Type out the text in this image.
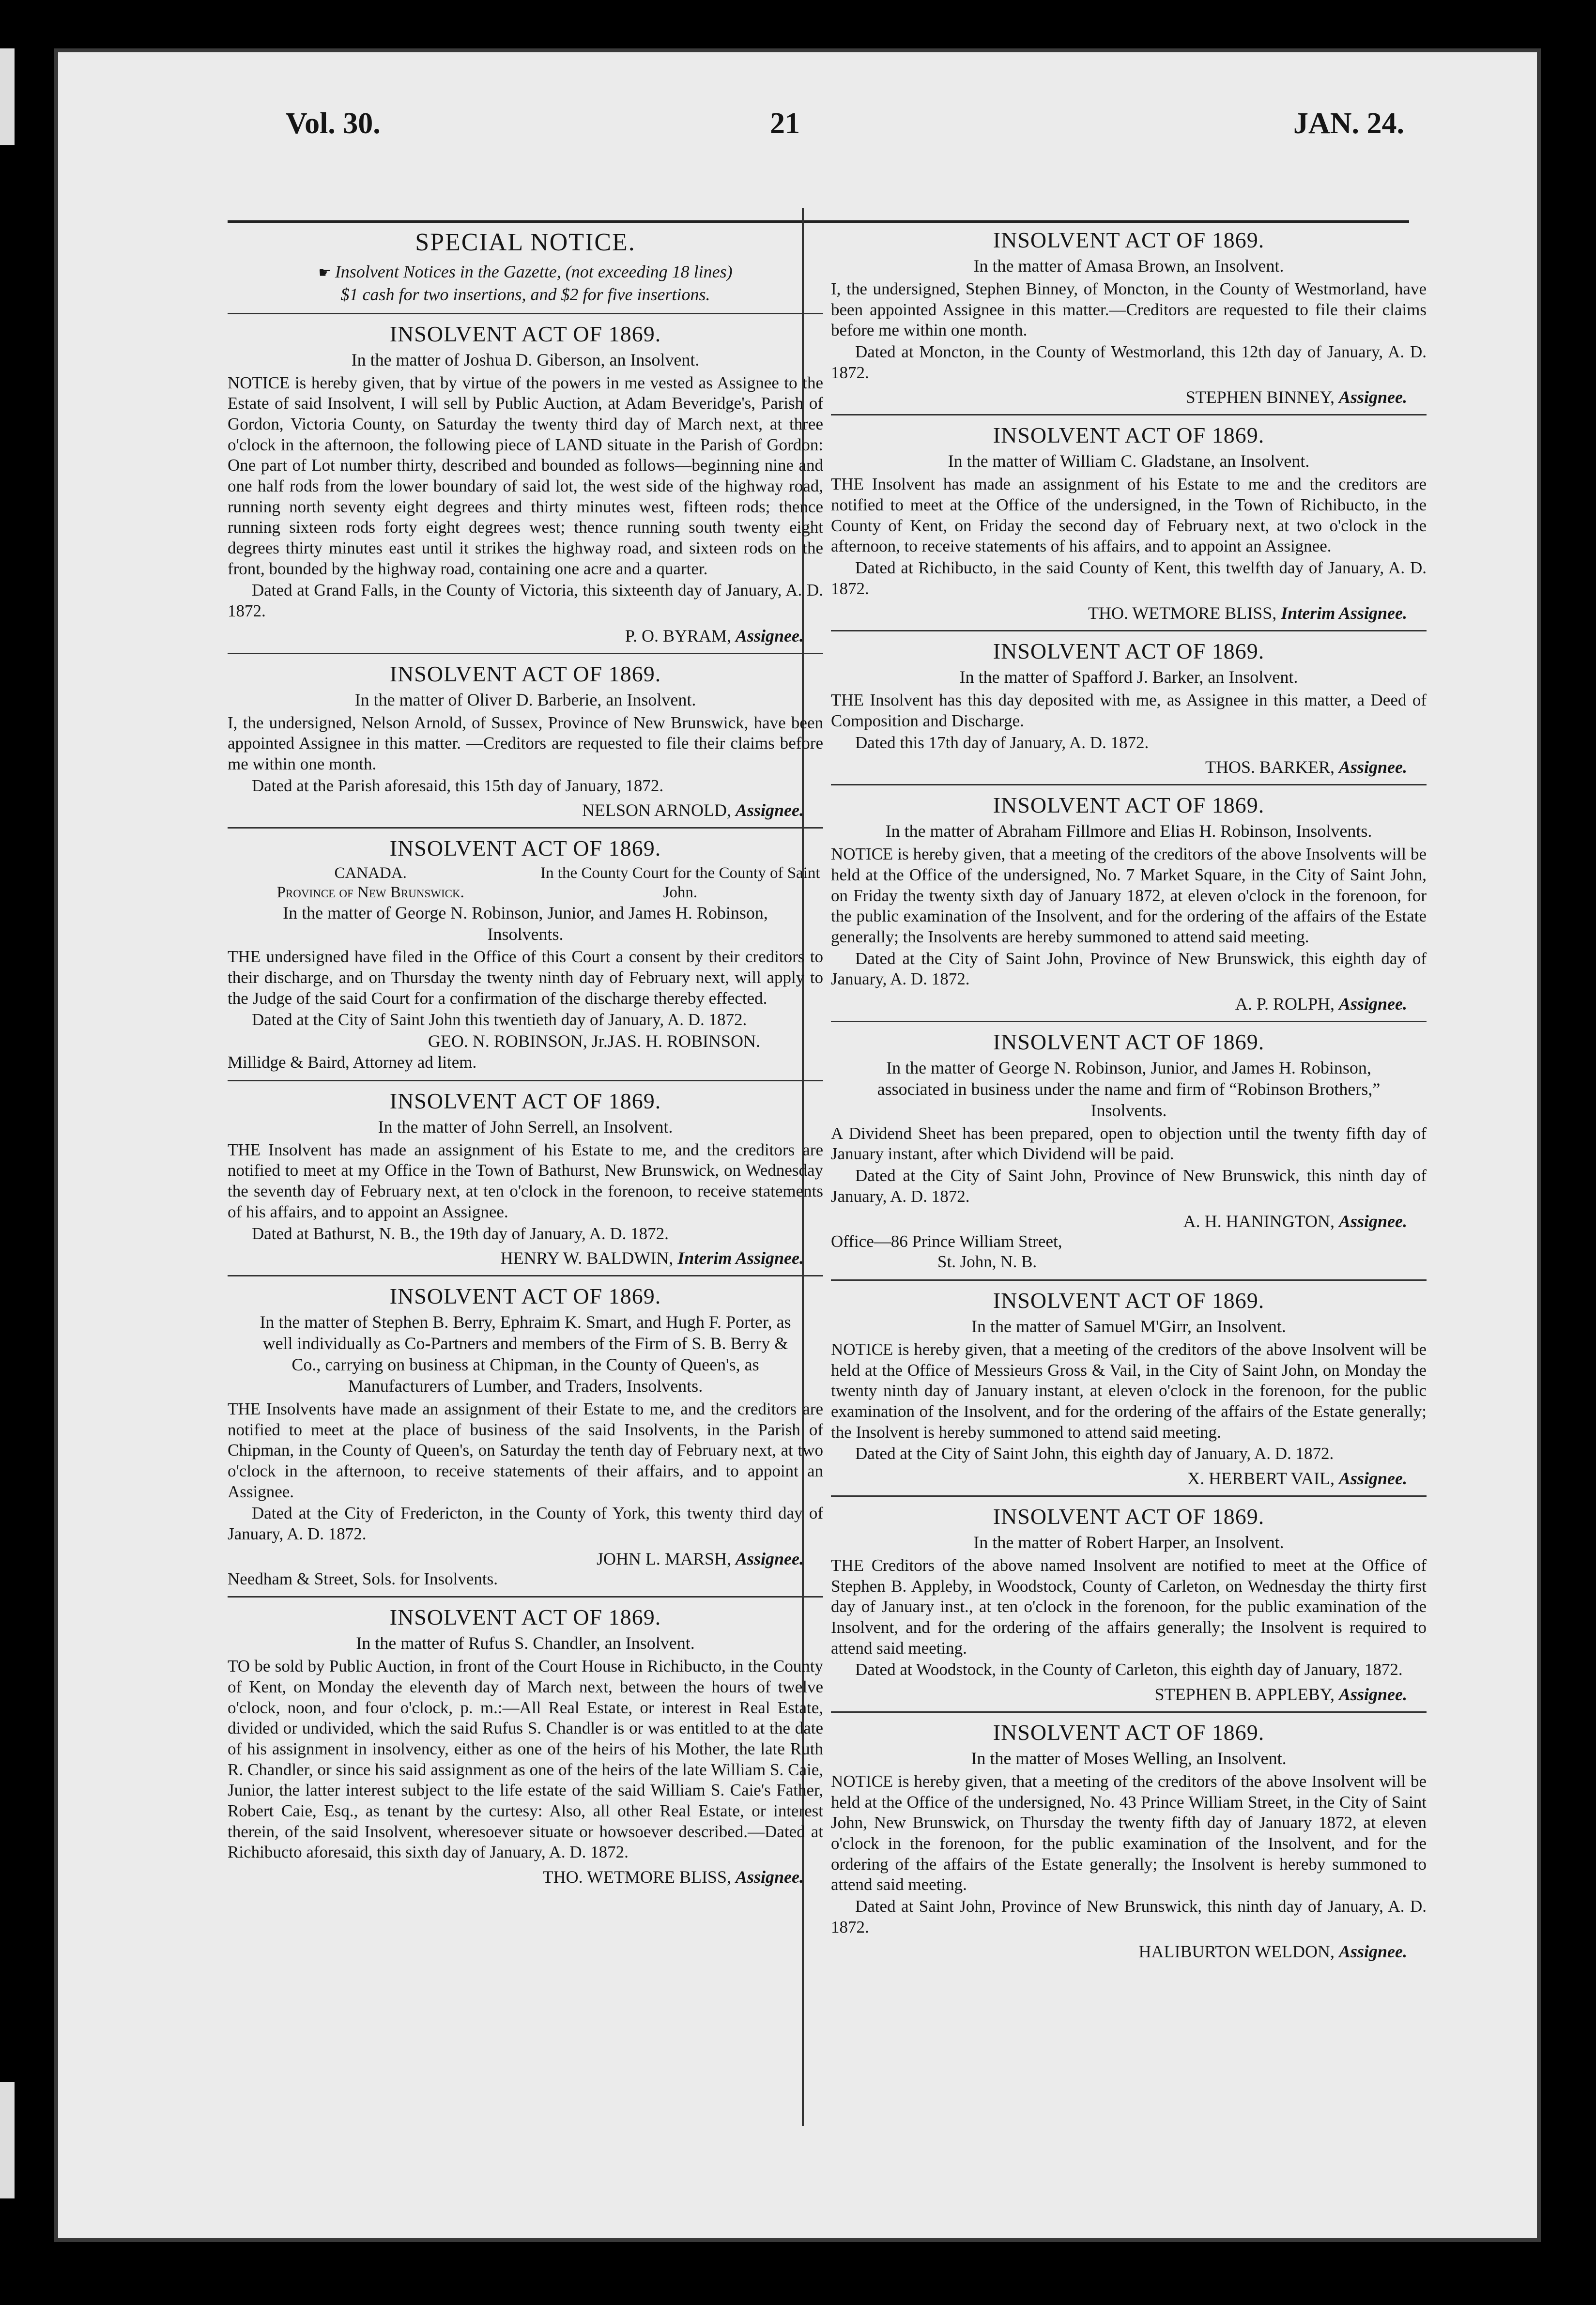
Vol. 30.	21	JAN. 24.
SPECIAL NOTICE.
☛ Insolvent Notices in the Gazette, (not exceeding 18 lines)
$1 cash for two insertions, and $2 for five insertions.
INSOLVENT ACT OF 1869.
In the matter of Joshua D. Giberson, an Insolvent.
NOTICE is hereby given, that by virtue of the powers in me vested as Assignee to the Estate of said Insolvent, I will sell by Public Auction, at Adam Beveridge's, Parish of Gordon, Victoria County, on Saturday the twenty third day of March next, at three o'clock in the afternoon, the following piece of LAND situate in the Parish of Gordon: One part of Lot number thirty, described and bounded as follows—beginning nine and one half rods from the lower boundary of said lot, the west side of the highway road, running north seventy eight degrees and thirty minutes west, fifteen rods; thence running sixteen rods forty eight degrees west; thence running south twenty eight degrees thirty minutes east until it strikes the highway road, and sixteen rods on the front, bounded by the highway road, containing one acre and a quarter.
Dated at Grand Falls, in the County of Victoria, this sixteenth day of January, A. D. 1872.
P. O. BYRAM, Assignee.
INSOLVENT ACT OF 1869.
In the matter of Oliver D. Barberie, an Insolvent.
I, the undersigned, Nelson Arnold, of Sussex, Province of New Brunswick, have been appointed Assignee in this matter. —Creditors are requested to file their claims before me within one month.
Dated at the Parish aforesaid, this 15th day of January, 1872.
NELSON ARNOLD, Assignee.
INSOLVENT ACT OF 1869.
CANADA.
Province of New Brunswick.
In the County Court for the County of Saint John.
In the matter of George N. Robinson, Junior, and James H. Robinson, Insolvents.
THE undersigned have filed in the Office of this Court a consent by their creditors to their discharge, and on Thursday the twenty ninth day of February next, will apply to the Judge of the said Court for a confirmation of the discharge thereby effected.
Dated at the City of Saint John this twentieth day of January, A. D. 1872.
GEO. N. ROBINSON, Jr.JAS. H. ROBINSON.
Millidge & Baird, Attorney ad litem.
INSOLVENT ACT OF 1869.
In the matter of John Serrell, an Insolvent.
THE Insolvent has made an assignment of his Estate to me, and the creditors are notified to meet at my Office in the Town of Bathurst, New Brunswick, on Wednesday the seventh day of February next, at ten o'clock in the forenoon, to receive statements of his affairs, and to appoint an Assignee.
Dated at Bathurst, N. B., the 19th day of January, A. D. 1872.
HENRY W. BALDWIN, Interim Assignee.
INSOLVENT ACT OF 1869.
In the matter of Stephen B. Berry, Ephraim K. Smart, and Hugh F. Porter, as well individually as Co-Partners and members of the Firm of S. B. Berry & Co., carrying on business at Chipman, in the County of Queen's, as Manufacturers of Lumber, and Traders, Insolvents.
THE Insolvents have made an assignment of their Estate to me, and the creditors are notified to meet at the place of business of the said Insolvents, in the Parish of Chipman, in the County of Queen's, on Saturday the tenth day of February next, at two o'clock in the afternoon, to receive statements of their affairs, and to appoint an Assignee.
Dated at the City of Fredericton, in the County of York, this twenty third day of January, A. D. 1872.
JOHN L. MARSH, Assignee.
Needham & Street, Sols. for Insolvents.
INSOLVENT ACT OF 1869.
In the matter of Rufus S. Chandler, an Insolvent.
TO be sold by Public Auction, in front of the Court House in Richibucto, in the County of Kent, on Monday the eleventh day of March next, between the hours of twelve o'clock, noon, and four o'clock, p. m.:—All Real Estate, or interest in Real Estate, divided or undivided, which the said Rufus S. Chandler is or was entitled to at the date of his assignment in insolvency, either as one of the heirs of his Mother, the late Ruth R. Chandler, or since his said assignment as one of the heirs of the late William S. Caie, Junior, the latter interest subject to the life estate of the said William S. Caie's Father, Robert Caie, Esq., as tenant by the curtesy: Also, all other Real Estate, or interest therein, of the said Insolvent, wheresoever situate or howsoever described.—Dated at Richibucto aforesaid, this sixth day of January, A. D. 1872.
THO. WETMORE BLISS, Assignee.
INSOLVENT ACT OF 1869.
In the matter of Amasa Brown, an Insolvent.
I, the undersigned, Stephen Binney, of Moncton, in the County of Westmorland, have been appointed Assignee in this matter.—Creditors are requested to file their claims before me within one month.
Dated at Moncton, in the County of Westmorland, this 12th day of January, A. D. 1872.
STEPHEN BINNEY, Assignee.
INSOLVENT ACT OF 1869.
In the matter of William C. Gladstane, an Insolvent.
THE Insolvent has made an assignment of his Estate to me and the creditors are notified to meet at the Office of the undersigned, in the Town of Richibucto, in the County of Kent, on Friday the second day of February next, at two o'clock in the afternoon, to receive statements of his affairs, and to appoint an Assignee.
Dated at Richibucto, in the said County of Kent, this twelfth day of January, A. D. 1872.
THO. WETMORE BLISS, Interim Assignee.
INSOLVENT ACT OF 1869.
In the matter of Spafford J. Barker, an Insolvent.
THE Insolvent has this day deposited with me, as Assignee in this matter, a Deed of Composition and Discharge.
Dated this 17th day of January, A. D. 1872.
THOS. BARKER, Assignee.
INSOLVENT ACT OF 1869.
In the matter of Abraham Fillmore and Elias H. Robinson, Insolvents.
NOTICE is hereby given, that a meeting of the creditors of the above Insolvents will be held at the Office of the undersigned, No. 7 Market Square, in the City of Saint John, on Friday the twenty sixth day of January 1872, at eleven o'clock in the forenoon, for the public examination of the Insolvent, and for the ordering of the affairs of the Estate generally; the Insolvents are hereby summoned to attend said meeting.
Dated at the City of Saint John, Province of New Brunswick, this eighth day of January, A. D. 1872.
A. P. ROLPH, Assignee.
INSOLVENT ACT OF 1869.
In the matter of George N. Robinson, Junior, and James H. Robinson, associated in business under the name and firm of “Robinson Brothers,” Insolvents.
A Dividend Sheet has been prepared, open to objection until the twenty fifth day of January instant, after which Dividend will be paid.
Dated at the City of Saint John, Province of New Brunswick, this ninth day of January, A. D. 1872.
A. H. HANINGTON, Assignee.
Office—86 Prince William Street,
St. John, N. B.
INSOLVENT ACT OF 1869.
In the matter of Samuel M'Girr, an Insolvent.
NOTICE is hereby given, that a meeting of the creditors of the above Insolvent will be held at the Office of Messieurs Gross & Vail, in the City of Saint John, on Monday the twenty ninth day of January instant, at eleven o'clock in the forenoon, for the public examination of the Insolvent, and for the ordering of the affairs of the Estate generally; the Insolvent is hereby summoned to attend said meeting.
Dated at the City of Saint John, this eighth day of January, A. D. 1872.
X. HERBERT VAIL, Assignee.
INSOLVENT ACT OF 1869.
In the matter of Robert Harper, an Insolvent.
THE Creditors of the above named Insolvent are notified to meet at the Office of Stephen B. Appleby, in Woodstock, County of Carleton, on Wednesday the thirty first day of January inst., at ten o'clock in the forenoon, for the public examination of the Insolvent, and for the ordering of the affairs generally; the Insolvent is required to attend said meeting.
Dated at Woodstock, in the County of Carleton, this eighth day of January, 1872.
STEPHEN B. APPLEBY, Assignee.
INSOLVENT ACT OF 1869.
In the matter of Moses Welling, an Insolvent.
NOTICE is hereby given, that a meeting of the creditors of the above Insolvent will be held at the Office of the undersigned, No. 43 Prince William Street, in the City of Saint John, New Brunswick, on Thursday the twenty fifth day of January 1872, at eleven o'clock in the forenoon, for the public examination of the Insolvent, and for the ordering of the affairs of the Estate generally; the Insolvent is hereby summoned to attend said meeting.
Dated at Saint John, Province of New Brunswick, this ninth day of January, A. D. 1872.
HALIBURTON WELDON, Assignee.
